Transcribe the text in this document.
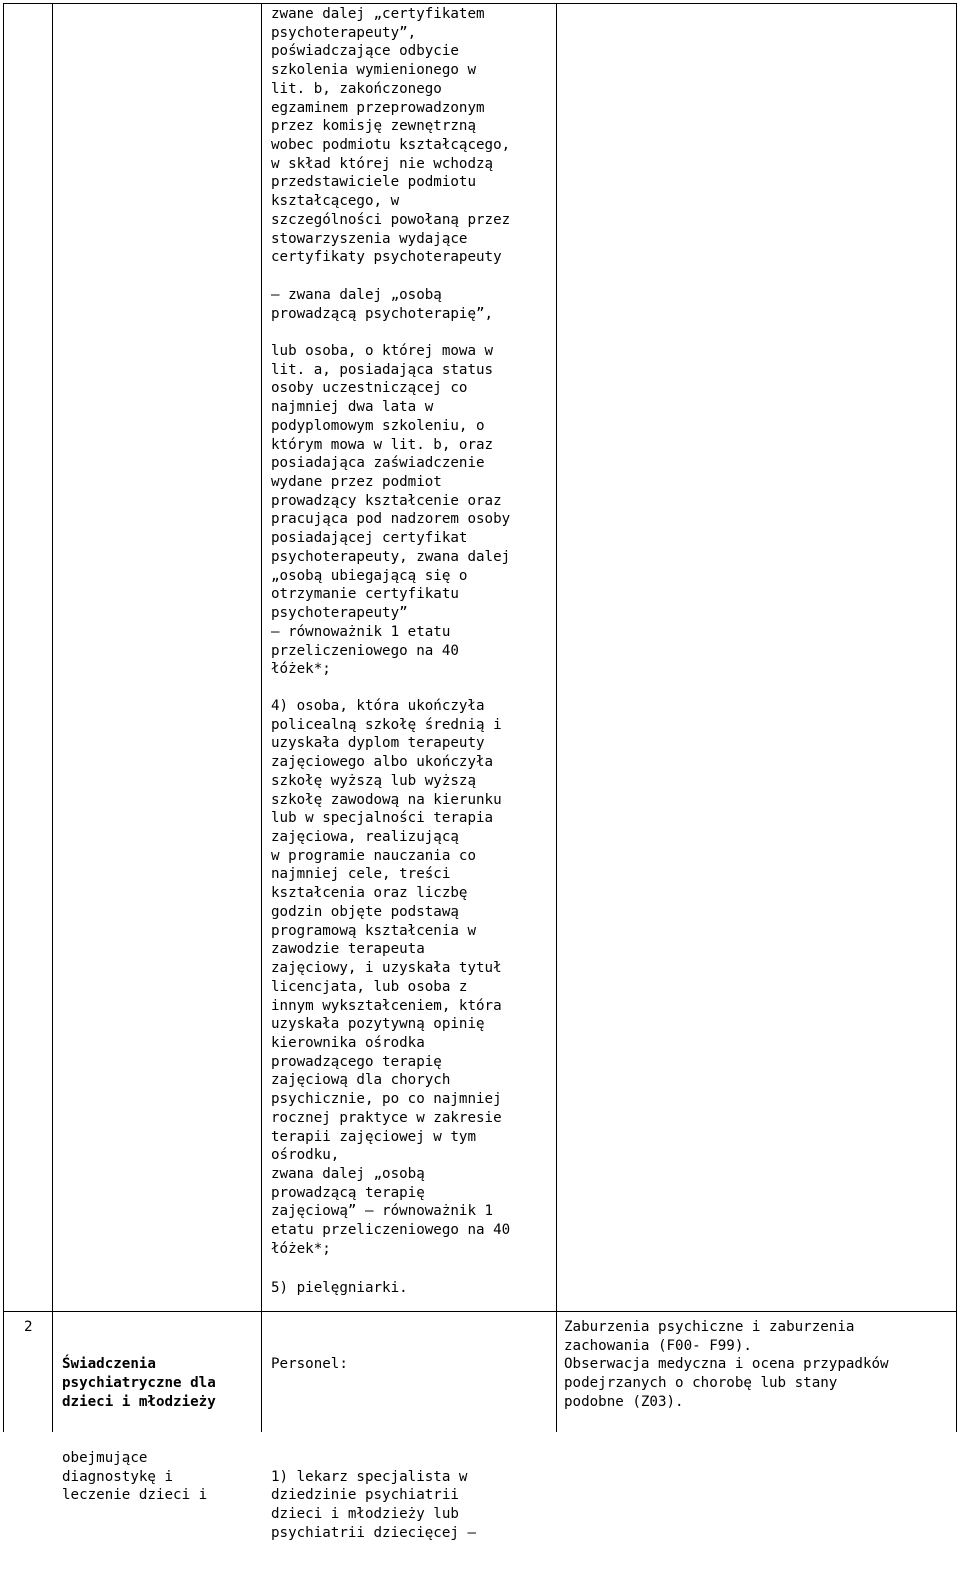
zwane dalej „certyfikatem
psychoterapeuty”,
poświadczające odbycie
szkolenia wymienionego w
lit. b, zakończonego
egzaminem przeprowadzonym
przez komisję zewnętrzną
wobec podmiotu kształcącego,
w skład której nie wchodzą
przedstawiciele podmiotu
kształcącego, w
szczególności powołaną przez
stowarzyszenia wydające
certyfikaty psychoterapeuty

– zwana dalej „osobą
prowadzącą psychoterapię”,

lub osoba, o której mowa w
lit. a, posiadająca status
osoby uczestniczącej co
najmniej dwa lata w
podyplomowym szkoleniu, o
którym mowa w lit. b, oraz
posiadająca zaświadczenie
wydane przez podmiot
prowadzący kształcenie oraz
pracująca pod nadzorem osoby
posiadającej certyfikat
psychoterapeuty, zwana dalej
„osobą ubiegającą się o
otrzymanie certyfikatu
psychoterapeuty”
– równoważnik 1 etatu
przeliczeniowego na 40
łóżek*;

4) osoba, która ukończyła
policealną szkołę średnią i
uzyskała dyplom terapeuty
zajęciowego albo ukończyła
szkołę wyższą lub wyższą
szkołę zawodową na kierunku
lub w specjalności terapia
zajęciowa, realizującą
w programie nauczania co
najmniej cele, treści
kształcenia oraz liczbę
godzin objęte podstawą
programową kształcenia w
zawodzie terapeuta
zajęciowy, i uzyskała tytuł
licencjata, lub osoba z
innym wykształceniem, która
uzyskała pozytywną opinię
kierownika ośrodka
prowadzącego terapię
zajęciową dla chorych
psychicznie, po co najmniej
rocznej praktyce w zakresie
terapii zajęciowej w tym
ośrodku,
zwana dalej „osobą
prowadzącą terapię
zajęciową” – równoważnik 1
etatu przeliczeniowego na 40
łóżek*;

5) pielęgniarki.

2

Świadczenia
psychiatryczne dla
dzieci i młodzieży

obejmujące
diagnostykę i
leczenie dzieci i

Personel:

1) lekarz specjalista w
dziedzinie psychiatrii
dzieci i młodzieży lub
psychiatrii dziecięcej –

Zaburzenia psychiczne i zaburzenia
zachowania (F00- F99).
Obserwacja medyczna i ocena przypadków
podejrzanych o chorobę lub stany
podobne (Z03).
